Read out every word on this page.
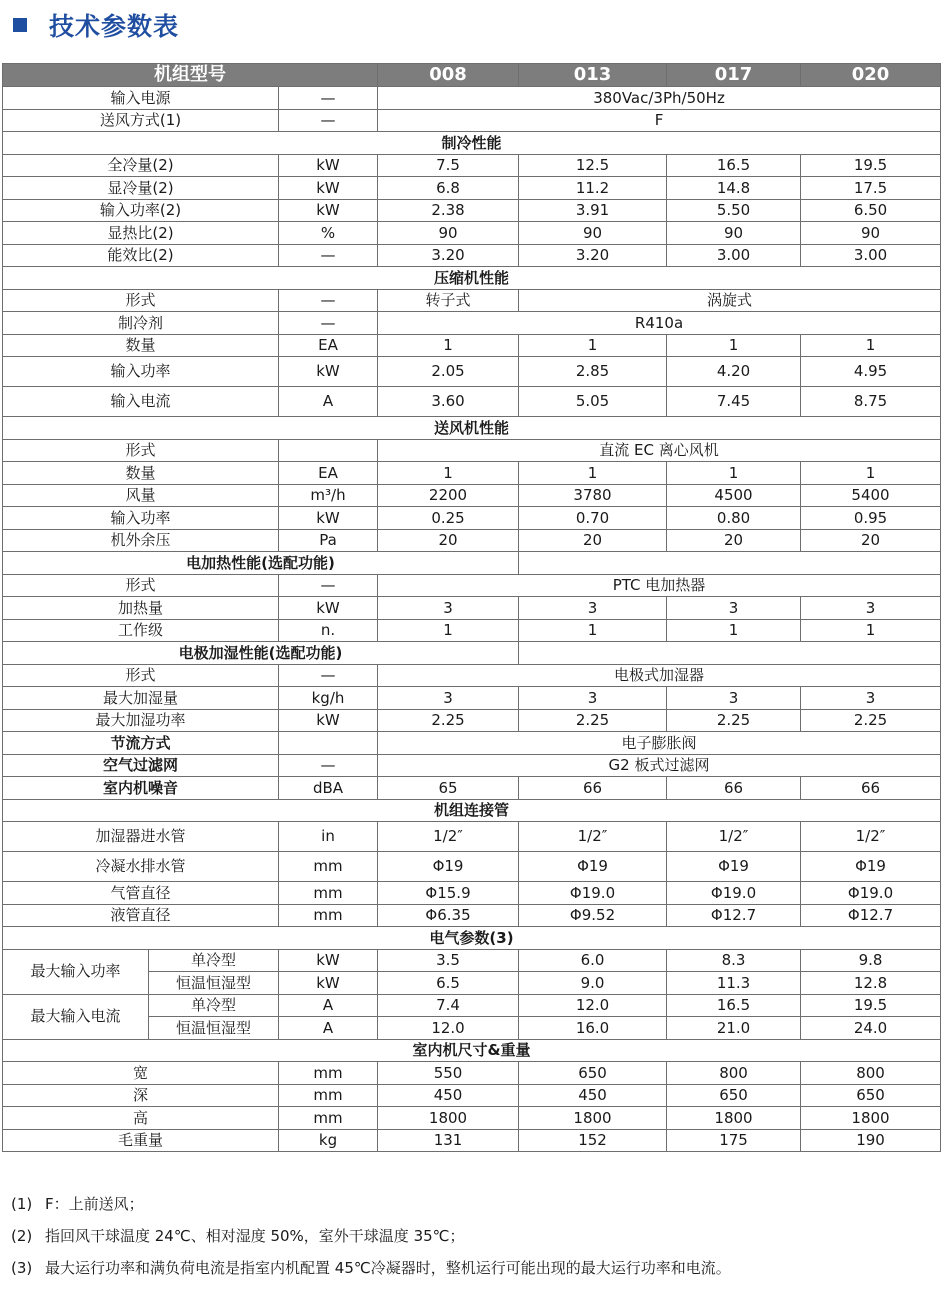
技术参数表
机组型号			008	013	017	020
输入电源		—	380Vac/3Ph/50Hz			
送风方式(1)		—	F			
制冷性能						
全冷量(2)		kW	7.5	12.5	16.5	19.5
显冷量(2)		kW	6.8	11.2	14.8	17.5
输入功率(2)		kW	2.38	3.91	5.50	6.50
显热比(2)		%	90	90	90	90
能效比(2)		—	3.20	3.20	3.00	3.00
压缩机性能						
形式		—	转子式	涡旋式		
制冷剂		—	R410a			
数量		EA	1	1	1	1
输入功率		kW	2.05	2.85	4.20	4.95
输入电流		A	3.60	5.05	7.45	8.75
送风机性能						
形式			直流 EC 离心风机			
数量		EA	1	1	1	1
风量		m³/h	2200	3780	4500	5400
输入功率		kW	0.25	0.70	0.80	0.95
机外余压		Pa	20	20	20	20
电加热性能(选配功能)						
形式		—	PTC 电加热器			
加热量		kW	3	3	3	3
工作级		n.	1	1	1	1
电极加湿性能(选配功能)						
形式		—	电极式加湿器			
最大加湿量		kg/h	3	3	3	3
最大加湿功率		kW	2.25	2.25	2.25	2.25
节流方式			电子膨胀阀			
空气过滤网		—	G2 板式过滤网			
室内机噪音		dBA	65	66	66	66
机组连接管						
加湿器进水管		in	1/2″	1/2″	1/2″	1/2″
冷凝水排水管		mm	Φ19	Φ19	Φ19	Φ19
气管直径		mm	Φ15.9	Φ19.0	Φ19.0	Φ19.0
液管直径		mm	Φ6.35	Φ9.52	Φ12.7	Φ12.7
电气参数(3)						
最大输入功率	单冷型	kW	3.5	6.0	8.3	9.8
	恒温恒湿型	kW	6.5	9.0	11.3	12.8
最大输入电流	单冷型	A	7.4	12.0	16.5	19.5
	恒温恒湿型	A	12.0	16.0	21.0	24.0
室内机尺寸&重量						
宽		mm	550	650	800	800
深		mm	450	450	650	650
高		mm	1800	1800	1800	1800
毛重量		kg	131	152	175	190
(1) F：上前送风；
(2) 指回风干球温度 24℃、相对湿度 50%，室外干球温度 35℃；
(3) 最大运行功率和满负荷电流是指室内机配置 45℃冷凝器时，整机运行可能出现的最大运行功率和电流。
